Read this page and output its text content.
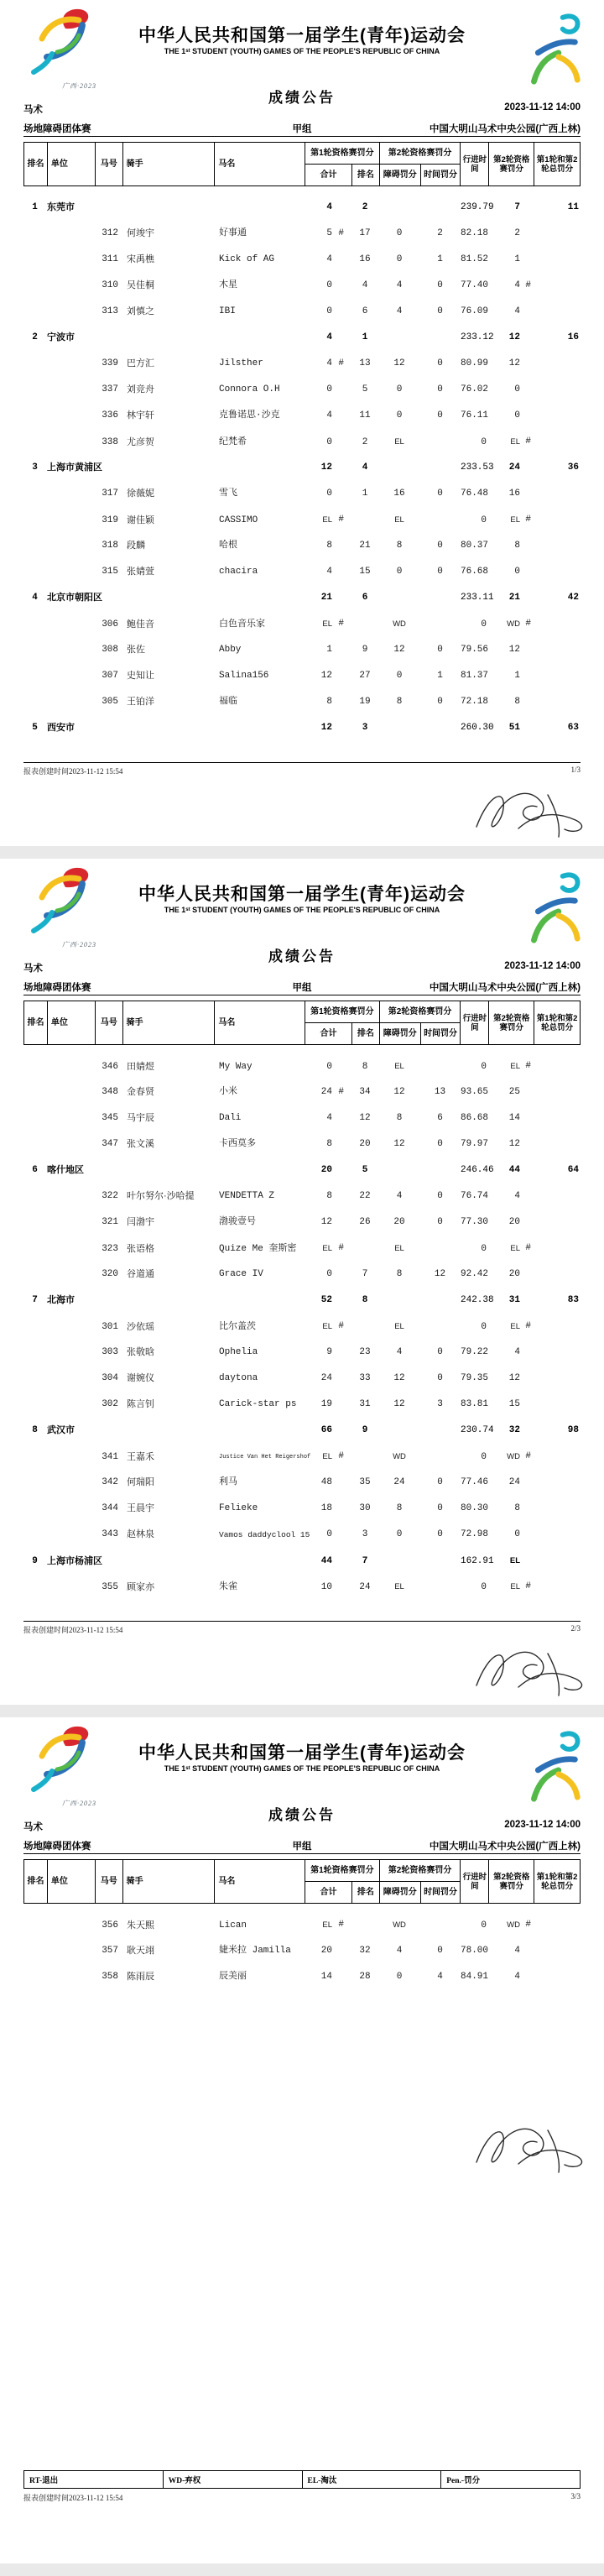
广西·2023
中华人民共和国第一届学生(青年)运动会
THE 1ˢᵗ STUDENT (YOUTH) GAMES OF THE PEOPLE'S REPUBLIC OF CHINA
成绩公告
马术	2023-11-12 14:00
场地障碍团体赛	甲组	中国大明山马术中央公园(广西上林)
排名 单位	马号	骑手	马名
第1轮资格赛罚分
合计	排名
第2轮资格赛罚分
障碍罚分 时间罚分
行进时间
第2轮资格赛罚分
第1轮和第2轮总罚分
1	东莞市	4	2	239.79	7	11
312 何竣宇	好事通	5 #	17	0	2	82.18	2
311 宋禹樵	Kick of AG	4	16	0	1	81.52	1
310 吴佳桐	木星	0	4	4	0	77.40	4 #
313 刘慎之	IBI	0	6	4	0	76.09	4
2	宁波市	4	1	233.12	12	16
339 巴方汇	Jilsther	4 #	13	12	0	80.99	12
337 刘竞舟	Connora O.H	0	5	0	0	76.02	0
336 林宇轩	克鲁诺思·沙克	4	11	0	0	76.11	0
338 尤彦贺	纪梵希	0	2	EL	0	EL #
3	上海市黄浦区	12	4	233.53	24	36
317 徐薇妮	雪飞	0	1	16	0	76.48	16
319 谢佳颖	CASSIMO	EL #	EL	0	EL #
318 段麟	哈根	8	21	8	0	80.37	8
315 张婧萱	chacira	4	15	0	0	76.68	0
4	北京市朝阳区	21	6	233.11	21	42
306 鲍佳音	白色音乐家	EL #	WD	0	WD #
308 张佐	Abby	1	9	12	0	79.56	12
307 史知让	Salina156	12	27	0	1	81.37	1
305 王铂洋	福临	8	19	8	0	72.18	8
5	西安市	12	3	260.30	51	63
报表创建时间2023-11-12 15:54	1/3
广西·2023
中华人民共和国第一届学生(青年)运动会
THE 1ˢᵗ STUDENT (YOUTH) GAMES OF THE PEOPLE'S REPUBLIC OF CHINA
成绩公告
马术	2023-11-12 14:00
场地障碍团体赛	甲组	中国大明山马术中央公园(广西上林)
排名 单位	马号	骑手	马名
第1轮资格赛罚分
合计	排名
第2轮资格赛罚分
障碍罚分 时间罚分
行进时间
第2轮资格赛罚分
第1轮和第2轮总罚分
346 田婧煜	My Way	0	8	EL	0	EL #
348 金春贤	小米	24 #	34	12	13	93.65	25
345 马宇辰	Dali	4	12	8	6	86.68	14
347 张文溪	卡西莫多	8	20	12	0	79.97	12
6	喀什地区	20	5	246.46	44	64
322 叶尔努尔·沙哈提	VENDETTA Z	8	22	4	0	76.74	4
321 闫渤宇	渤骏壹号	12	26	20	0	77.30	20
323 张语格	Quize Me 奎斯密	EL #	EL	0	EL #
320 谷道通	Grace IV	0	7	8	12	92.42	20
7	北海市	52	8	242.38	31	83
301 沙依瑶	比尔盖茨	EL #	EL	0	EL #
303 张敬晗	Ophelia	9	23	4	0	79.22	4
304 谢婉仪	daytona	24	33	12	0	79.35	12
302 陈言钊	Carick-star ps	19	31	12	3	83.81	15
8	武汉市	66	9	230.74	32	98
341 王嘉禾	Justice Van Het Reigershof	EL #	WD	0	WD #
342 何瑞阳	利马	48	35	24	0	77.46	24
344 王晨宇	Felieke	18	30	8	0	80.30	8
343 赵林泉	Vamos daddyclool 15	0	3	0	0	72.98	0
9	上海市杨浦区	44	7	162.91	EL
355 顾家亦	朱雀	10	24	EL	0	EL #
报表创建时间2023-11-12 15:54	2/3
广西·2023
中华人民共和国第一届学生(青年)运动会
THE 1ˢᵗ STUDENT (YOUTH) GAMES OF THE PEOPLE'S REPUBLIC OF CHINA
成绩公告
马术	2023-11-12 14:00
场地障碍团体赛	甲组	中国大明山马术中央公园(广西上林)
排名 单位	马号	骑手	马名
第1轮资格赛罚分
合计	排名
第2轮资格赛罚分
障碍罚分 时间罚分
行进时间
第2轮资格赛罚分
第1轮和第2轮总罚分
356 朱天熙	Lican	EL #	WD	0	WD #
357 耿天翊	婕米拉 Jamilla	20	32	4	0	78.00	4
358 陈雨辰	辰美丽	14	28	0	4	84.91	4
RT-退出	WD-弃权	EL-淘汰	Pen.-罚分
报表创建时间2023-11-12 15:54	3/3
